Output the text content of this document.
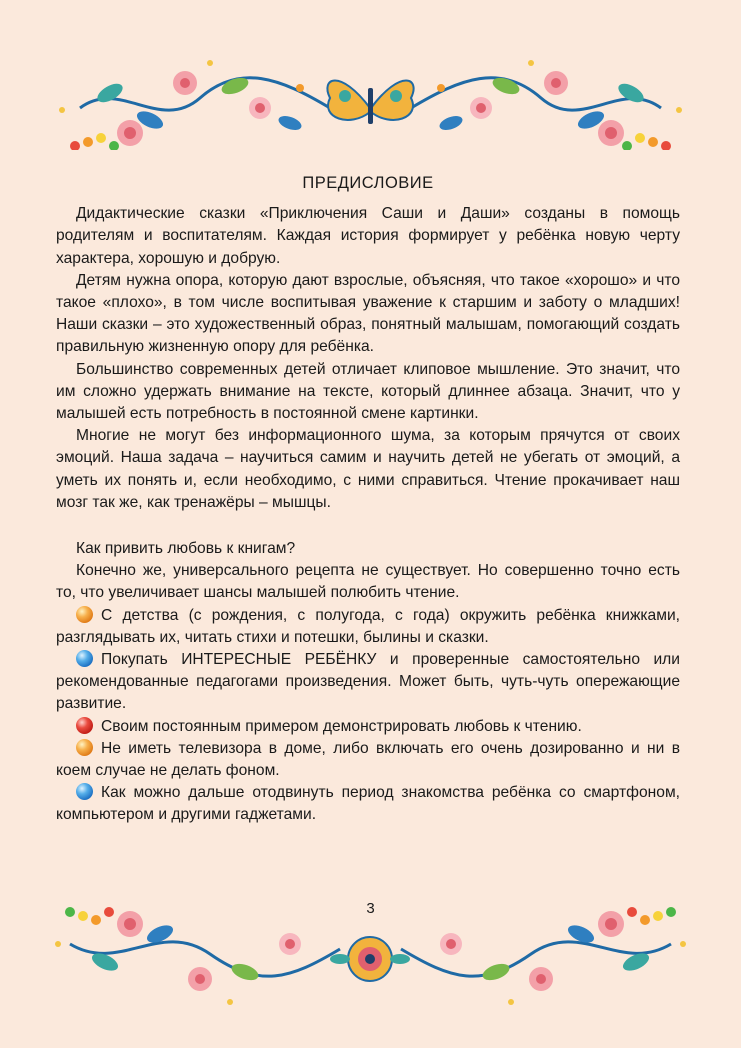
ПРЕДИСЛОВИЕ

Дидактические сказки «Приключения Саши и Даши» созданы в помощь родителям и воспитателям. Каждая история формирует у ребёнка новую черту характера, хорошую и добрую.

Детям нужна опора, которую дают взрослые, объясняя, что такое «хорошо» и что такое «плохо», в том числе воспитывая уважение к старшим и заботу о младших! Наши сказки – это художественный образ, понятный малышам, помогающий создать правильную жизненную опору для ребёнка.

Большинство современных детей отличает клиповое мышление. Это значит, что им сложно удержать внимание на тексте, который длиннее абзаца. Значит, что у малышей есть потребность в постоянной смене картинки.

Многие не могут без информационного шума, за которым прячутся от своих эмоций. Наша задача – научиться самим и научить детей не убегать от эмоций, а уметь их понять и, если необходимо, с ними справиться. Чтение прокачивает наш мозг так же, как тренажёры – мышцы.

Как привить любовь к книгам?

Конечно же, универсального рецепта не существует. Но совершенно точно есть то, что увеличивает шансы малышей полюбить чтение.

С детства (с рождения, с полугода, с года) окружить ребёнка книжками, разглядывать их, читать стихи и потешки, былины и сказки.

Покупать ИНТЕРЕСНЫЕ РЕБЁНКУ и проверенные самостоятельно или рекомендованные педагогами произведения. Может быть, чуть-чуть опережающие развитие.

Своим постоянным примером демонстрировать любовь к чтению.

Не иметь телевизора в доме, либо включать его очень дозированно и ни в коем случае не делать фоном.

Как можно дальше отодвинуть период знакомства ребёнка со смартфоном, компьютером и другими гаджетами.

3
